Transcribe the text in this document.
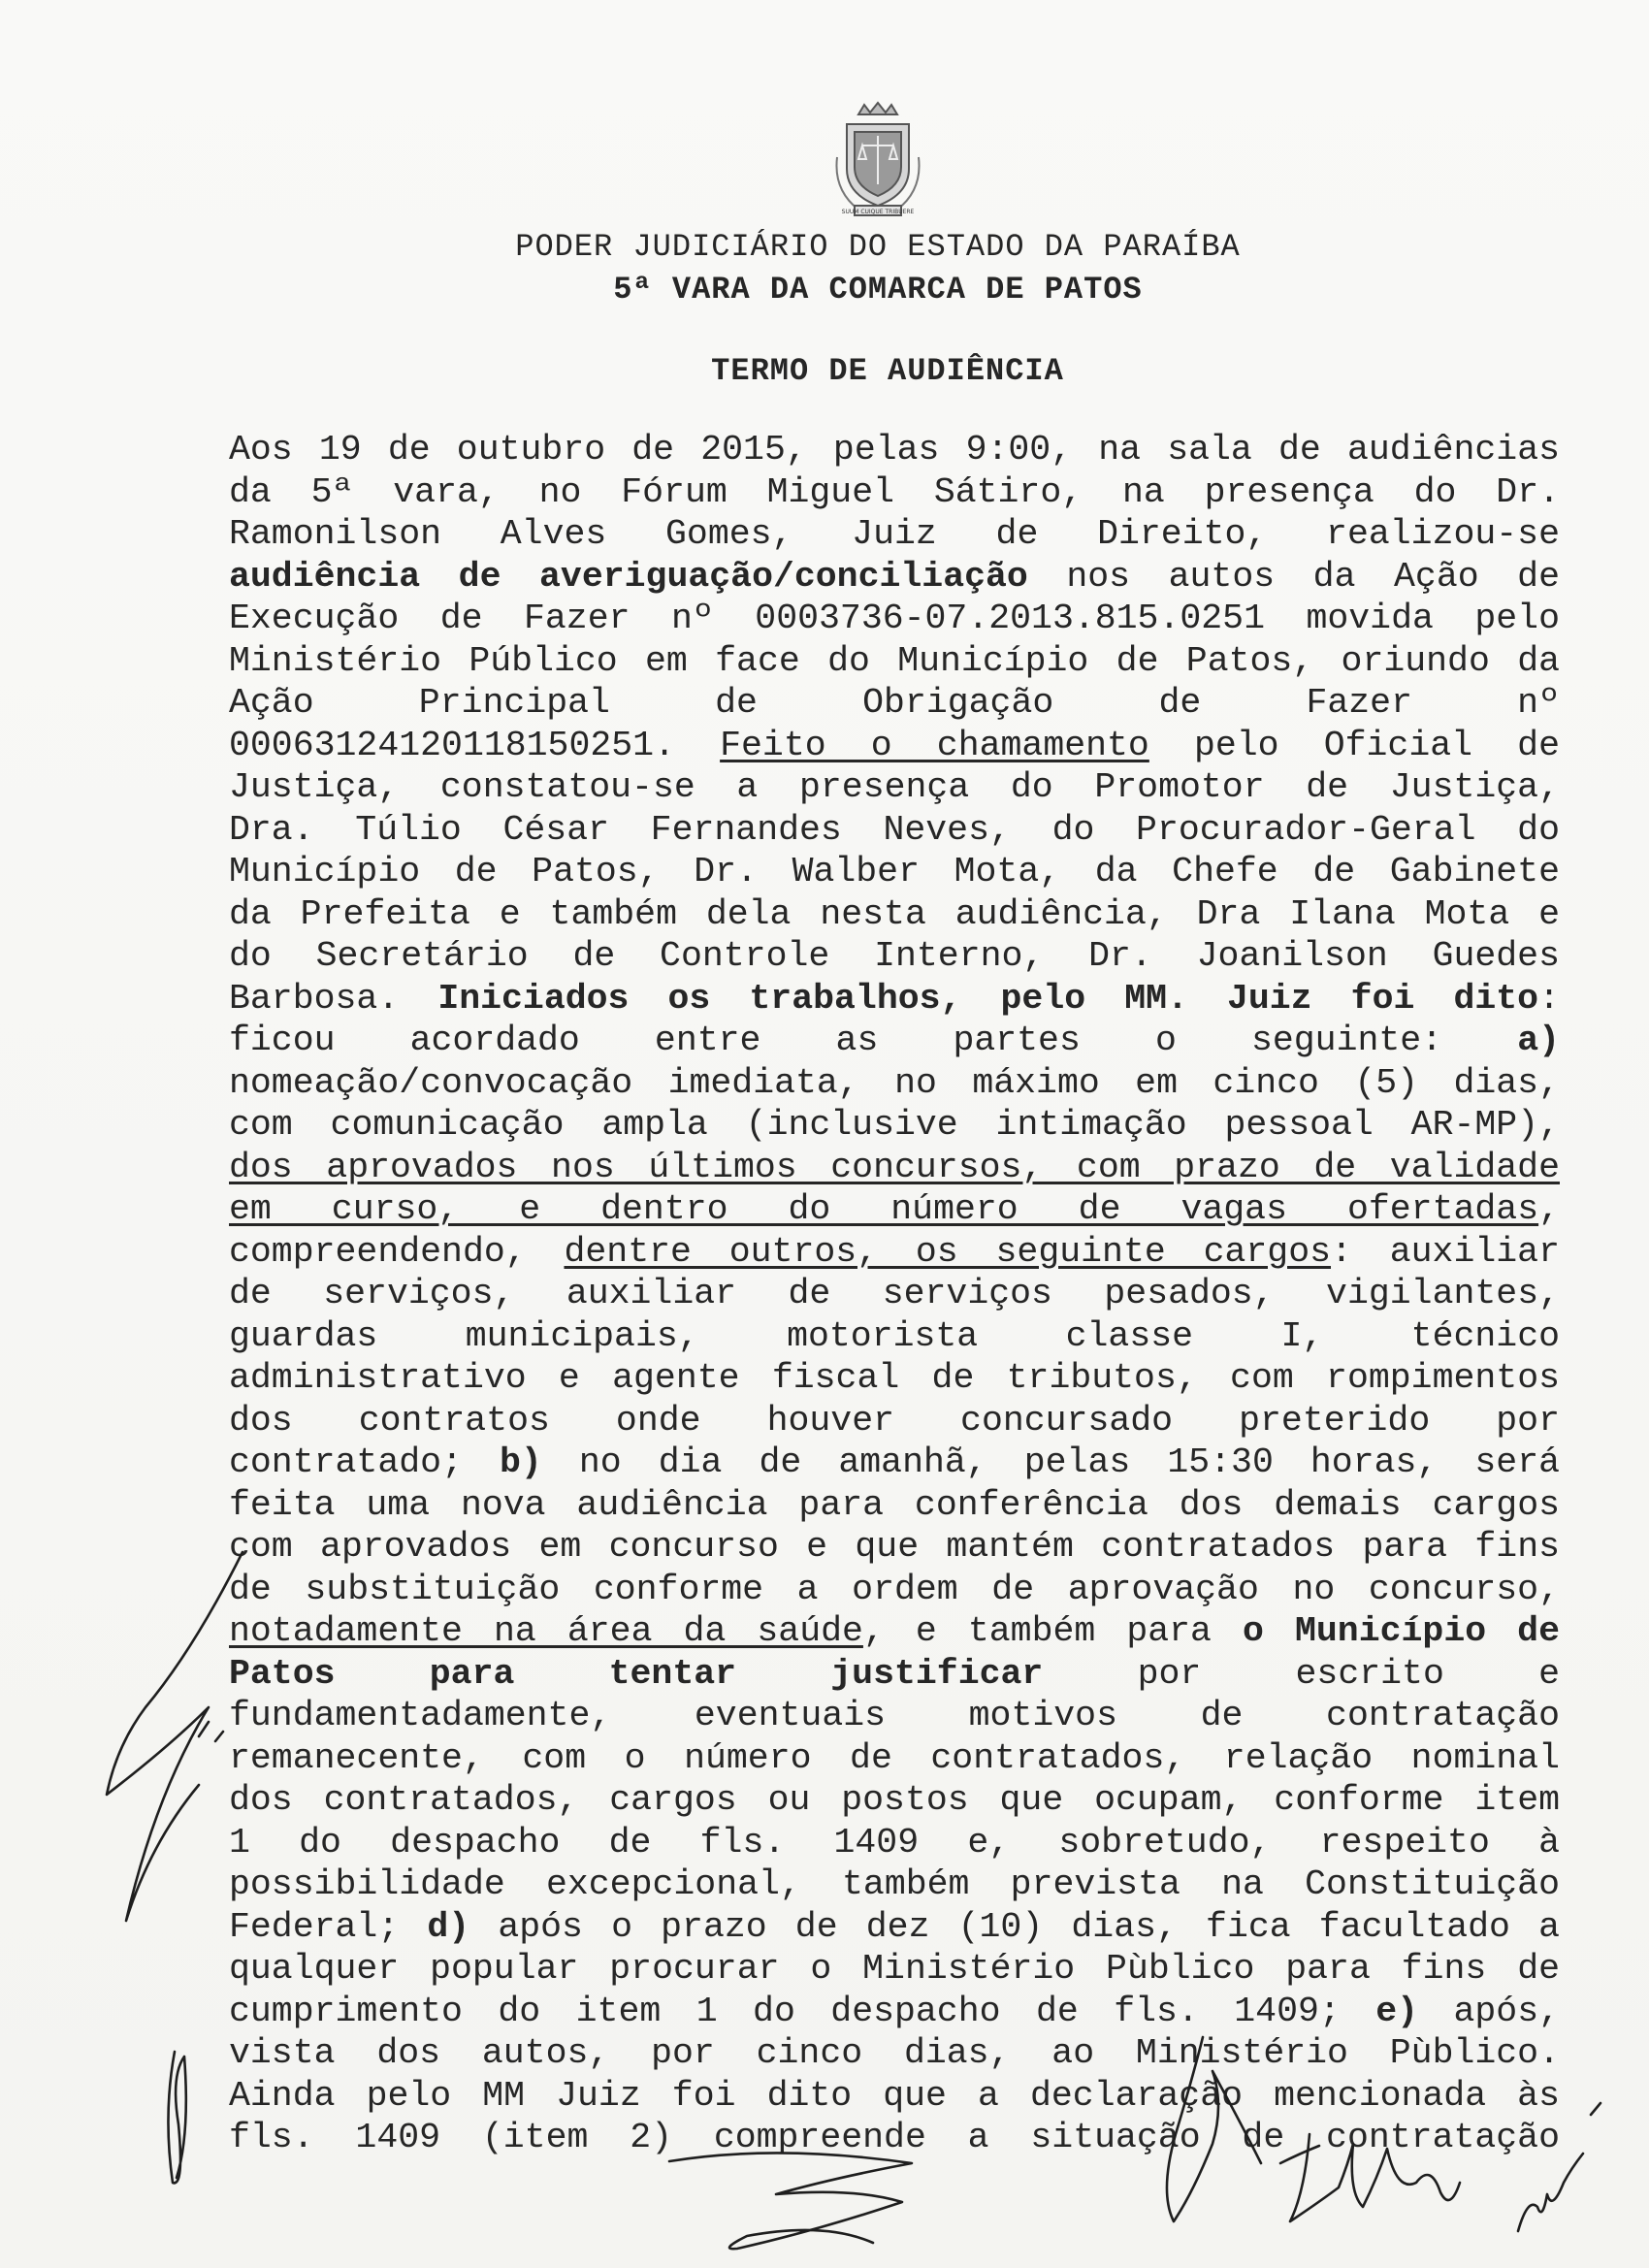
SUUM CUIQUE TRIBUERE
PODER JUDICIÁRIO DO ESTADO DA PARAÍBA
5ª VARA DA COMARCA DE PATOS
TERMO DE AUDIÊNCIA
Aos 19 de outubro de 2015, pelas 9:00, na sala de audiências
da 5ª vara, no Fórum Miguel Sátiro, na presença do Dr.
Ramonilson Alves Gomes, Juiz de Direito, realizou-se
audiência de averiguação/conciliação nos autos da Ação de
Execução de Fazer nº 0003736-07.2013.815.0251 movida pelo
Ministério Público em face do Município de Patos, oriundo da
Ação Principal de Obrigação de Fazer nº
00063124120118150251. Feito o chamamento pelo Oficial de
Justiça, constatou-se a presença do Promotor de Justiça,
Dra. Túlio César Fernandes Neves, do Procurador-Geral do
Município de Patos, Dr. Walber Mota, da Chefe de Gabinete
da Prefeita e também dela nesta audiência, Dra Ilana Mota e
do Secretário de Controle Interno, Dr. Joanilson Guedes
Barbosa. Iniciados os trabalhos, pelo MM. Juiz foi dito:
ficou acordado entre as partes o seguinte: a)
nomeação/convocação imediata, no máximo em cinco (5) dias,
com comunicação ampla (inclusive intimação pessoal AR-MP),
dos aprovados nos últimos concursos, com prazo de validade
em curso, e dentro do número de vagas ofertadas,
compreendendo, dentre outros, os seguinte cargos: auxiliar
de serviços, auxiliar de serviços pesados, vigilantes,
guardas municipais, motorista classe I, técnico
administrativo e agente fiscal de tributos, com rompimentos
dos contratos onde houver concursado preterido por
contratado; b) no dia de amanhã, pelas 15:30 horas, será
feita uma nova audiência para conferência dos demais cargos
com aprovados em concurso e que mantém contratados para fins
de substituição conforme a ordem de aprovação no concurso,
notadamente na área da saúde, e também para o Município de
Patos para tentar justificar por escrito e
fundamentadamente, eventuais motivos de contratação
remanecente, com o número de contratados, relação nominal
dos contratados, cargos ou postos que ocupam, conforme item
1 do despacho de fls. 1409 e, sobretudo, respeito à
possibilidade excepcional, também prevista na Constituição
Federal; d) após o prazo de dez (10) dias, fica facultado a
qualquer popular procurar o Ministério Pùblico para fins de
cumprimento do item 1 do despacho de fls. 1409; e) após,
vista dos autos, por cinco dias, ao Ministério Pùblico.
Ainda pelo MM Juiz foi dito que a declaração mencionada às
fls. 1409 (item 2) compreende a situação de contratação
